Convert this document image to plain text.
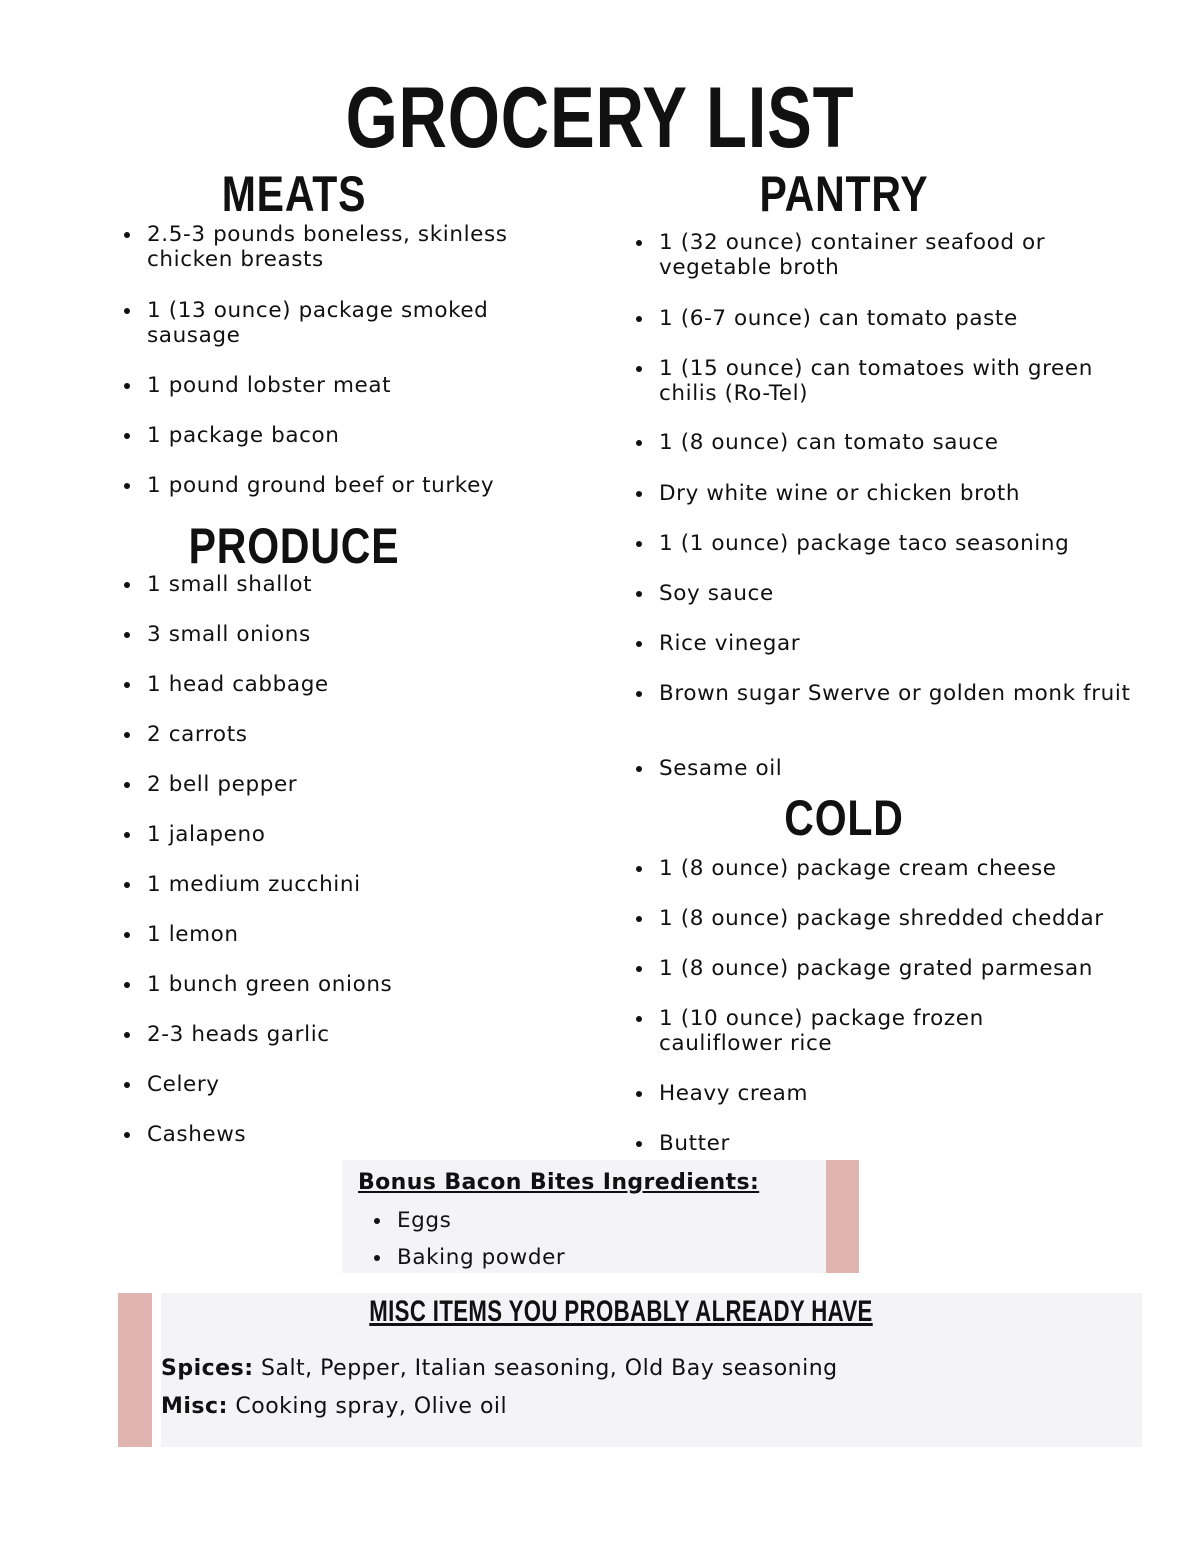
GROCERY LIST
MEATS
2.5-3 pounds boneless, skinless chicken breasts
1 (13 ounce) package smoked sausage
1 pound lobster meat
1 package bacon
1 pound ground beef or turkey
PRODUCE
1 small shallot
3 small onions
1 head cabbage
2 carrots
2 bell pepper
1 jalapeno
1 medium zucchini
1 lemon
1 bunch green onions
2-3 heads garlic
Celery
Cashews
PANTRY
1 (32 ounce) container seafood or vegetable broth
1 (6-7 ounce) can tomato paste
1 (15 ounce) can tomatoes with green chilis (Ro-Tel)
1 (8 ounce) can tomato sauce
Dry white wine or chicken broth
1 (1 ounce) package taco seasoning
Soy sauce
Rice vinegar
Brown sugar Swerve or golden monk fruit
Sesame oil
COLD
1 (8 ounce) package cream cheese
1 (8 ounce) package shredded cheddar
1 (8 ounce) package grated parmesan
1 (10 ounce) package frozen cauliflower rice
Heavy cream
Butter
Bonus Bacon Bites Ingredients:
Eggs
Baking powder
MISC ITEMS YOU PROBABLY ALREADY HAVE
Spices: Salt, Pepper, Italian seasoning, Old Bay seasoning
Misc: Cooking spray, Olive oil
